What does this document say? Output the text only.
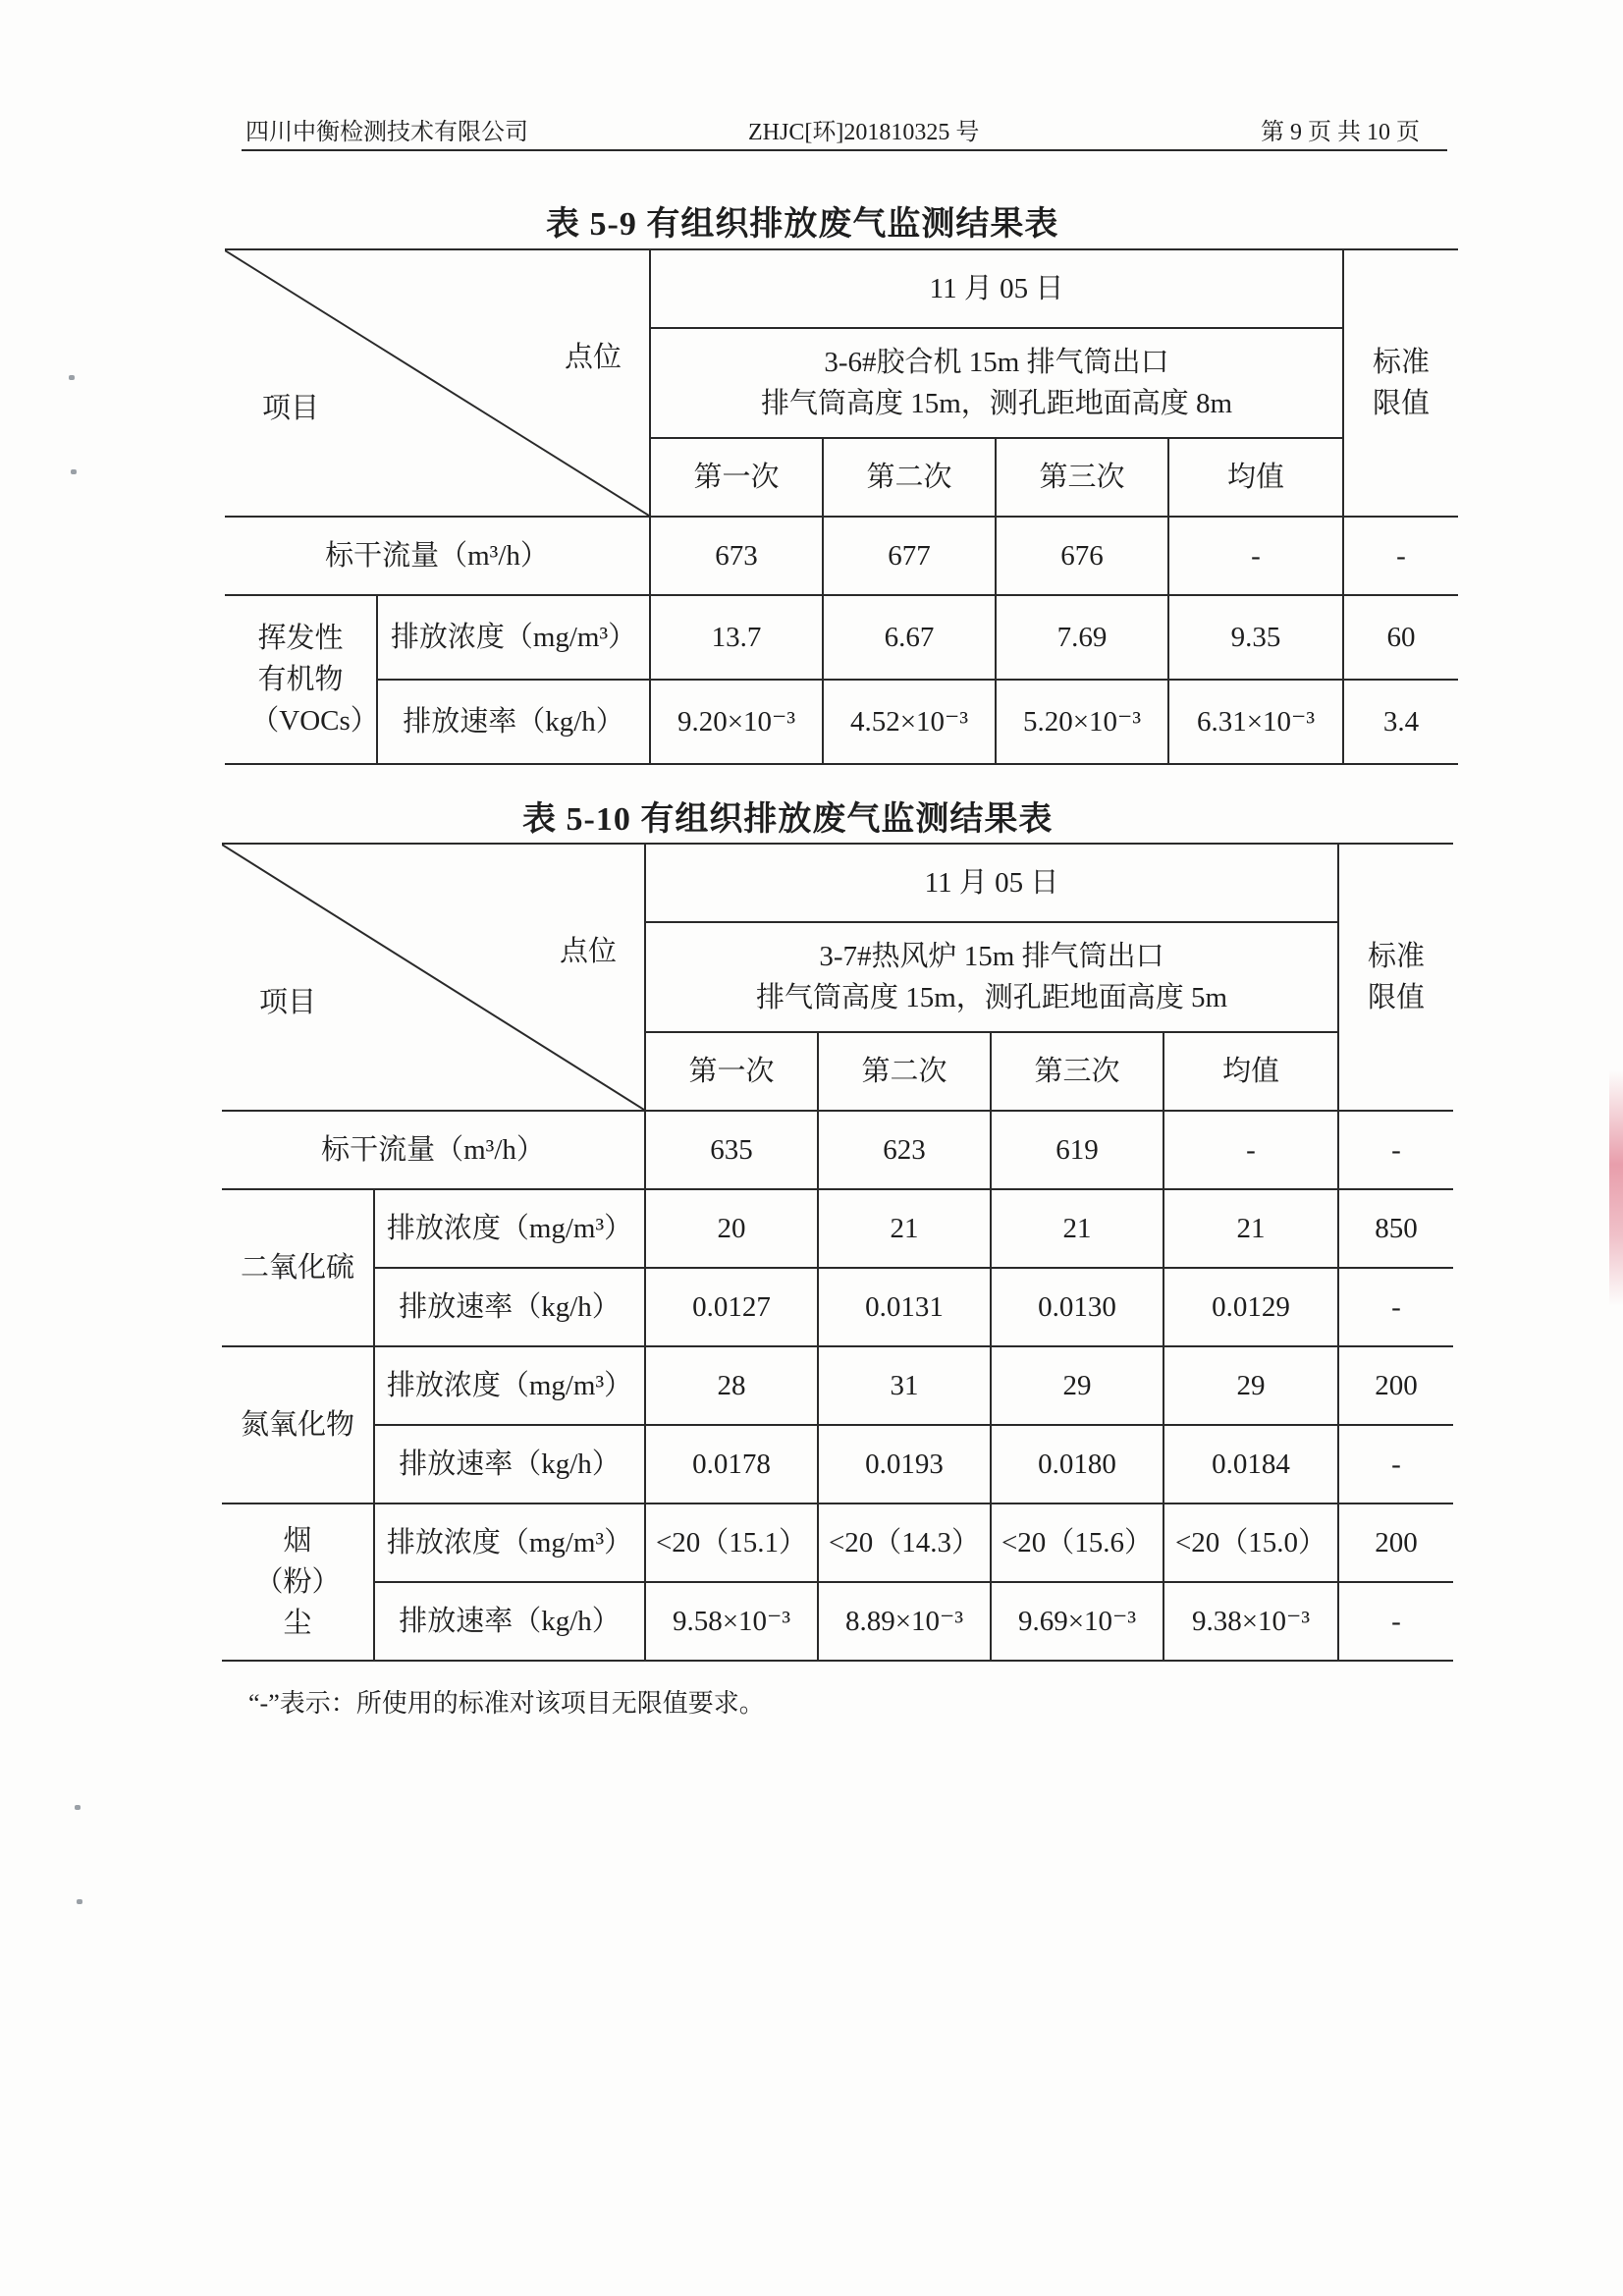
四川中衡检测技术有限公司	ZHJC[环]201810325 号	第 9 页 共 10 页
表 5-9 有组织排放废气监测结果表
点位
项目		11 月 05 日				标准限值

		3-6#胶合机 15m 排气筒出口
排气筒高度 15m，测孔距地面高度 8m				

		第一次	第二次	第三次	均值	
标干流量（m³/h）		673	677	676	-	-

挥发性有机物（VOCs）	排放浓度（mg/m³）	13.7	6.67	7.69	9.35	60
	排放速率（kg/h）	9.20×10⁻³	4.52×10⁻³	5.20×10⁻³	6.31×10⁻³	3.4
表 5-10 有组织排放废气监测结果表
点位
项目		11 月 05 日				标准限值

		3-7#热风炉 15m 排气筒出口
排气筒高度 15m，测孔距地面高度 5m				

		第一次	第二次	第三次	均值	
标干流量（m³/h）		635	623	619	-	-
二氧化硫	排放浓度（mg/m³）	20	21	21	21	850
	排放速率（kg/h）	0.0127	0.0131	0.0130	0.0129	-
氮氧化物	排放浓度（mg/m³）	28	31	29	29	200
	排放速率（kg/h）	0.0178	0.0193	0.0180	0.0184	-

烟（粉）尘	排放浓度（mg/m³）	<20（15.1）	<20（14.3）	<20（15.6）	<20（15.0）	200
	排放速率（kg/h）	9.58×10⁻³	8.89×10⁻³	9.69×10⁻³	9.38×10⁻³	-
“-”表示：所使用的标准对该项目无限值要求。
